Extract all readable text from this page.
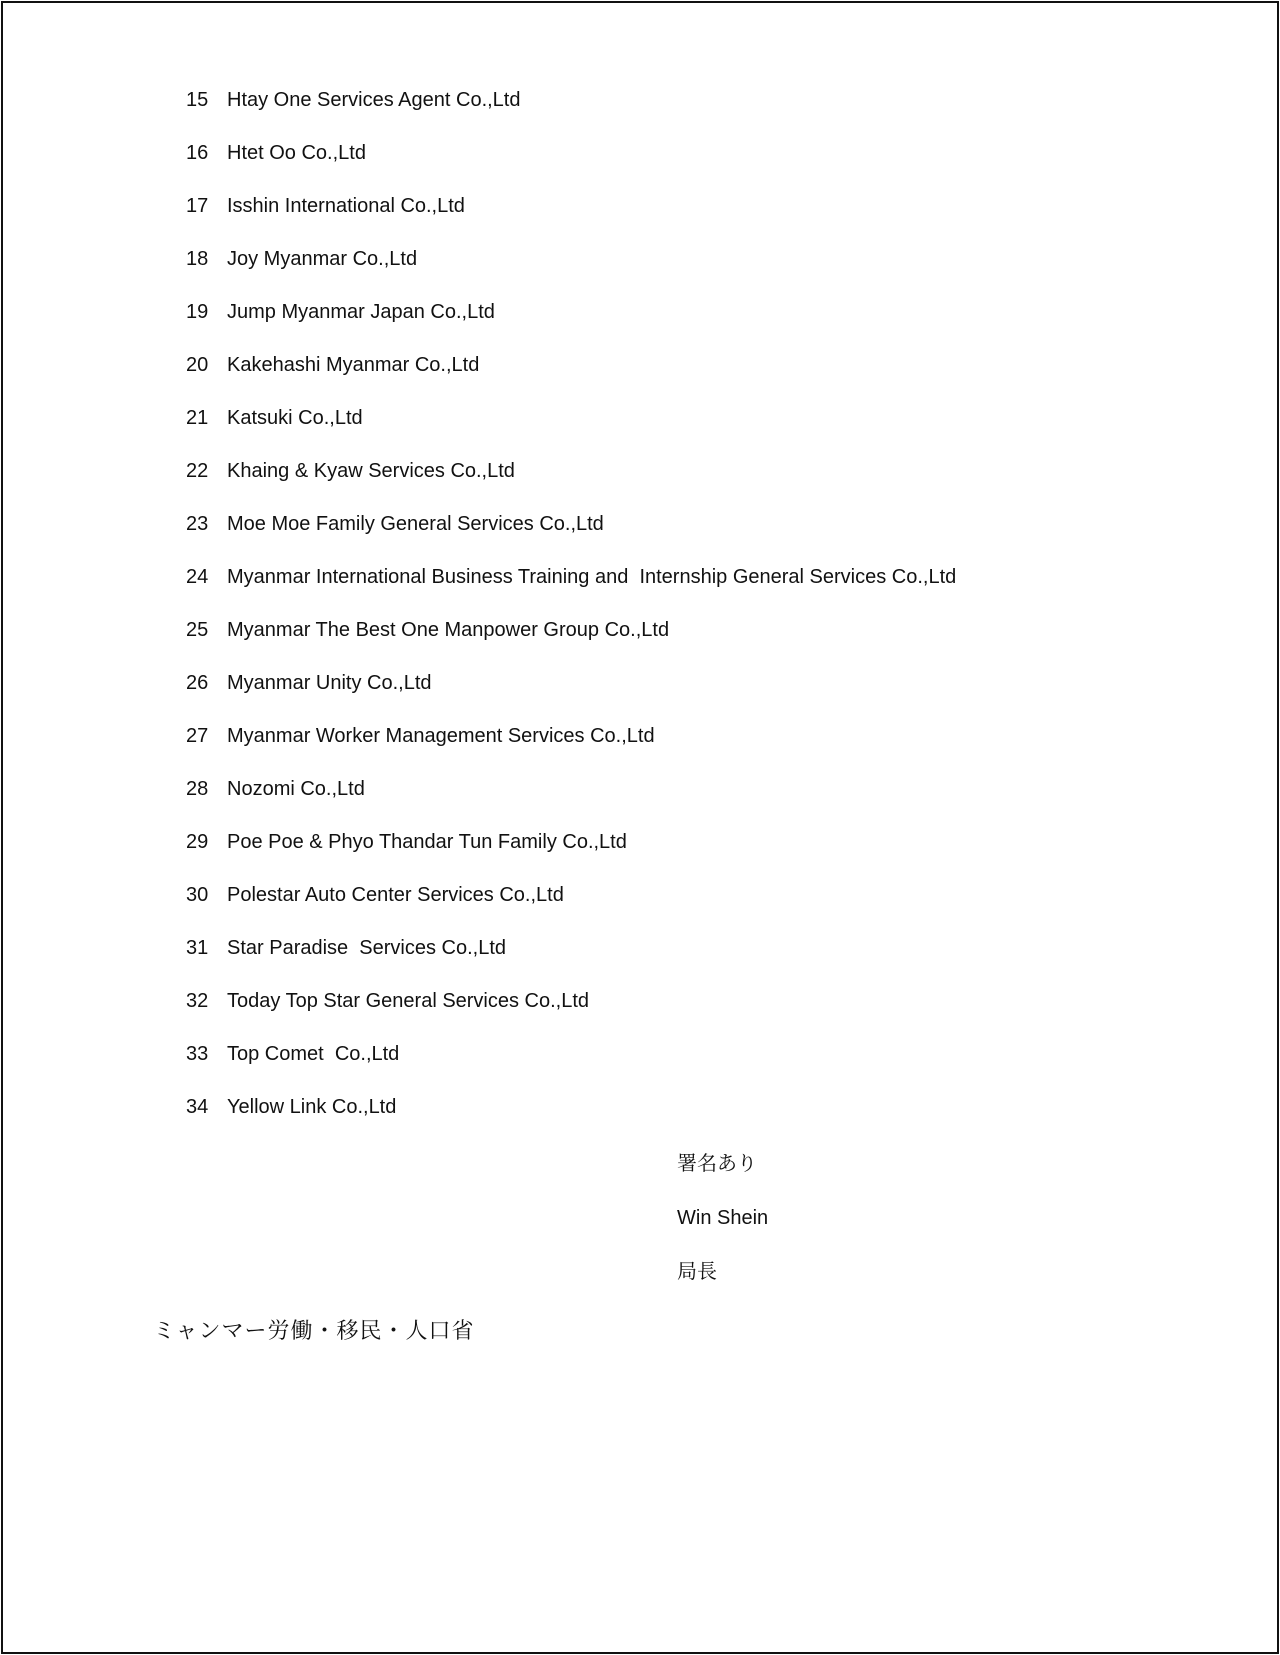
15 Htay One Services Agent Co.,Ltd
16 Htet Oo Co.,Ltd
17 Isshin International Co.,Ltd
18 Joy Myanmar Co.,Ltd
19 Jump Myanmar Japan Co.,Ltd
20 Kakehashi Myanmar Co.,Ltd
21 Katsuki Co.,Ltd
22 Khaing & Kyaw Services Co.,Ltd
23 Moe Moe Family General Services Co.,Ltd
24 Myanmar International Business Training and  Internship General Services Co.,Ltd
25 Myanmar The Best One Manpower Group Co.,Ltd
26 Myanmar Unity Co.,Ltd
27 Myanmar Worker Management Services Co.,Ltd
28 Nozomi Co.,Ltd
29 Poe Poe & Phyo Thandar Tun Family Co.,Ltd
30 Polestar Auto Center Services Co.,Ltd
31 Star Paradise  Services Co.,Ltd
32 Today Top Star General Services Co.,Ltd
33 Top Comet  Co.,Ltd
34 Yellow Link Co.,Ltd
署名あり
Win Shein
局長
ミャンマー労働・移民・人口省
